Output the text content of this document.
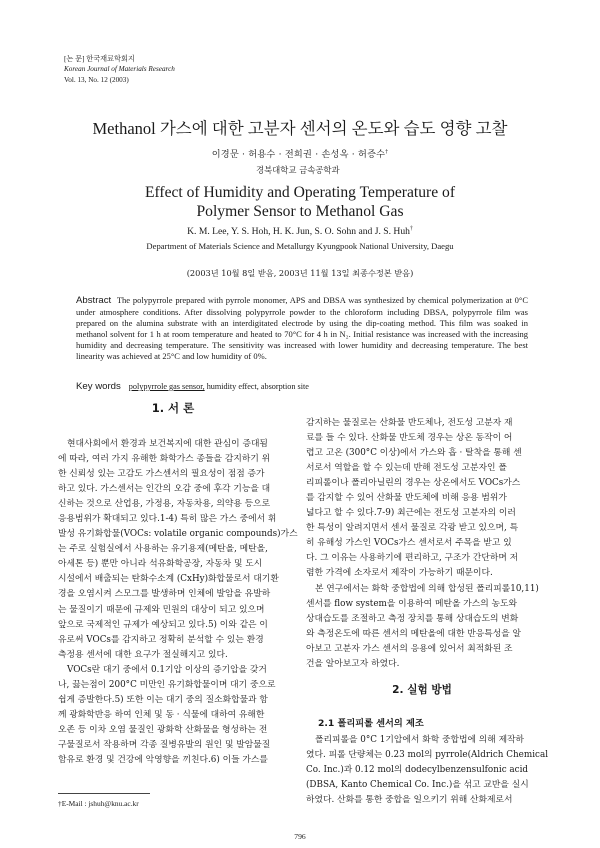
[논 문] 한국재료학회지
Korean Journal of Materials Research
Vol. 13, No. 12 (2003)
Methanol 가스에 대한 고분자 센서의 온도와 습도 영향 고찰
이경문 · 허용수 · 전희권 · 손성옥 · 허증수†
경북대학교 금속공학과
Effect of Humidity and Operating Temperature of
Polymer Sensor to Methanol Gas
K. M. Lee, Y. S. Hoh, H. K. Jun, S. O. Sohn and J. S. Huh†
Department of Materials Science and Metallurgy Kyungpook National University, Daegu
(2003년 10월 8일 받음, 2003년 11월 13일 최종수정본 받음)
Abstract The polypyrrole prepared with pyrrole monomer, APS and DBSA was synthesized by chemical polymerization at 0°C under atmosphere conditions. After dissolving polypyrrole powder to the chloroform including DBSA, polypyrrole film was prepared on the alumina substrate with an interdigitated electrode by using the dip-coating method. This film was soaked in methanol solvent for 1 h at room temperature and heated to 70°C for 4 h in N₂. Initial resistance was increased with the increasing humidity and decreasing temperature. The sensitivity was increased with lower humidity and decreasing temperature. The best linearity was achieved at 25°C and low humidity of 0%.
Key words polypyrrole gas sensor, humidity effect, absorption site
1. 서 론
현대사회에서 환경과 보건복지에 대한 관심이 증대됨
에 따라, 여러 가지 유해한 화학가스 종들을 감지하기 위
한 신뢰성 있는 고감도 가스센서의 필요성이 점점 증가
하고 있다. 가스센서는 인간의 오감 중에 후각 기능을 대
신하는 것으로 산업용, 가정용, 자동차용, 의약용 등으로
응용범위가 확대되고 있다.1-4) 특히 많은 가스 중에서 휘
발성 유기화합물(VOCs: volatile organic compounds)가스
는 주로 실험실에서 사용하는 유기용제(메탄올, 메탄올,
아세톤 등) 뿐만 아니라 석유화학공장, 자동차 및 도시
시설에서 배출되는 탄화수소계 (CxHy)화합물로서 대기환
경을 오염시켜 스모그를 발생하며 인체에 발암을 유발하
는 물질이기 때문에 규제와 민원의 대상이 되고 있으며
앞으로 국제적인 규제가 예상되고 있다.5) 이와 같은 이
유로써 VOCs를 감지하고 정확히 분석할 수 있는 환경
측정용 센서에 대한 요구가 절실해지고 있다.
VOCs란 대기 중에서 0.1기압 이상의 증기압을 갖거
나, 끓는점이 200°C 미만인 유기화합물이며 대기 중으로
쉽게 증발한다.5) 또한 이는 대기 중의 질소화합물과 함
께 광화학반응 하여 인체 및 동 · 식물에 대하여 유해한
오존 등 이차 오염 물질인 광화학 산화물을 형성하는 전
구물질로서 작용하며 각종 질병유발의 원인 및 발암물질
함유로 환경 및 건강에 악영향을 끼친다.6) 이들 가스를
감지하는 물질로는 산화물 반도체나, 전도성 고분자 재
료를 들 수 있다. 산화물 반도체 경우는 상온 동작이 어
렵고 고온 (300°C 이상)에서 가스와 흡 · 탈착을 통해 센
서로서 역할을 할 수 있는데 반해 전도성 고분자인 폴
리피롤이나 폴리아닐린의 경우는 상온에서도 VOCs가스
를 감지할 수 있어 산화물 반도체에 비해 응용 범위가
넓다고 할 수 있다.7-9) 최근에는 전도성 고분자의 이러
한 특성이 알려지면서 센서 물질로 각광 받고 있으며, 특
히 유해성 가스인 VOCs가스 센서로서 주목을 받고 있
다. 그 이유는 사용하기에 편리하고, 구조가 간단하며 저
렴한 가격에 소자로서 제작이 가능하기 때문이다.
본 연구에서는 화학 중합법에 의해 합성된 폴리피롤10,11)
센서를 flow system을 이용하여 메탄올 가스의 농도와
상대습도를 조절하고 측정 장치를 통해 상대습도의 변화
와 측정온도에 따른 센서의 메탄올에 대한 반응특성을 알
아보고 고분자 가스 센서의 응용에 있어서 최적화된 조
건을 알아보고자 하였다.
2. 실험 방법
2.1 폴리피롤 센서의 제조
폴리피롤을 0°C 1기압에서 화학 중합법에 의해 제작하
였다. 피롤 단량체는 0.23 mol의 pyrrole(Aldrich Chemical
Co. Inc.)과 0.12 mol의 dodecylbenzensulfonic acid
(DBSA, Kanto Chemical Co. Inc.)을 섞고 교반을 실시
하였다. 산화를 통한 중합을 일으키기 위해 산화제로서
†E-Mail : jshuh@knu.ac.kr
796
